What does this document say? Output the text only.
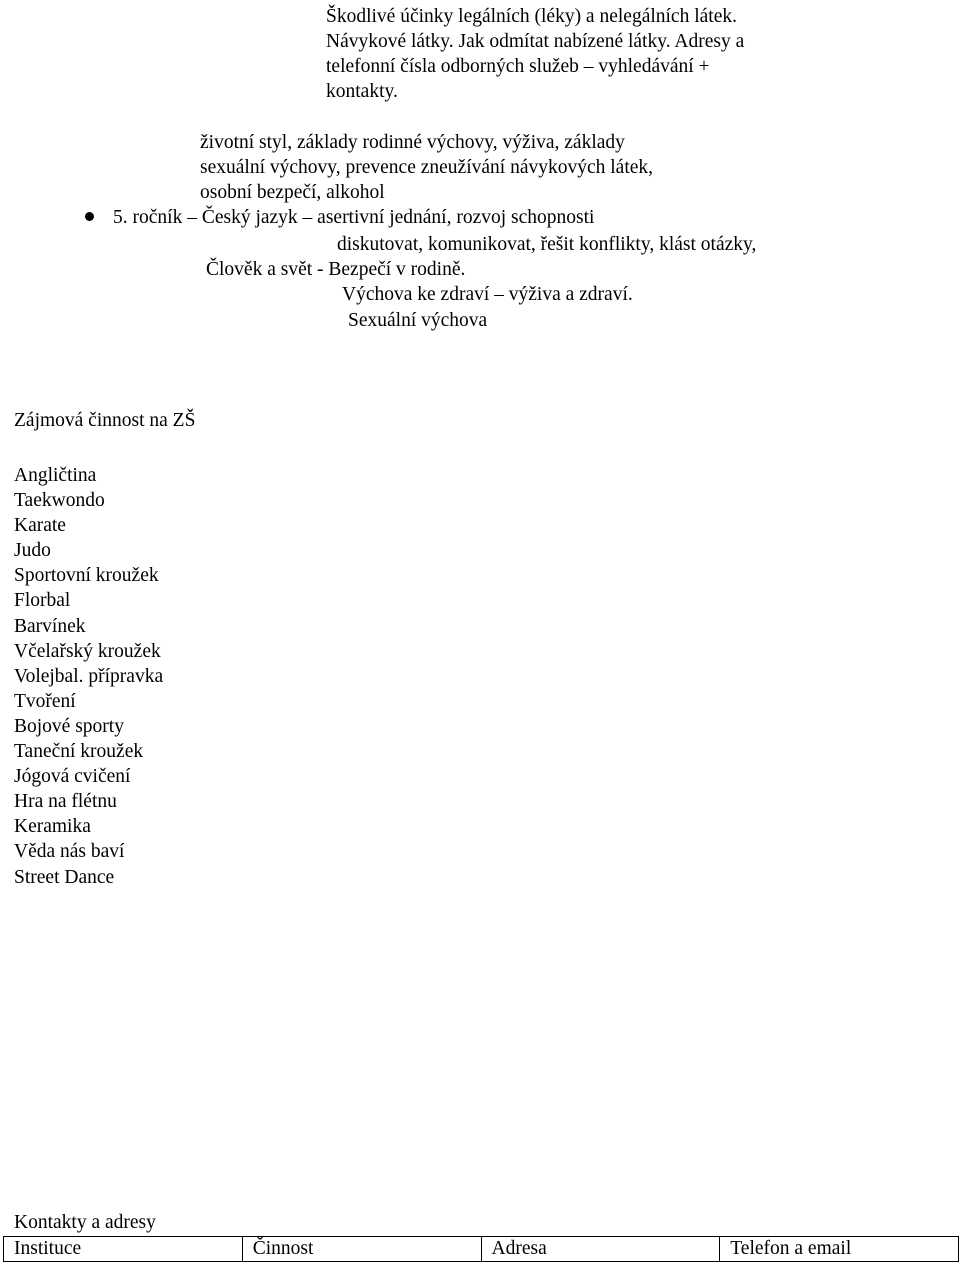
Škodlivé účinky legálních (léky) a nelegálních látek.
Návykové látky. Jak odmítat nabízené látky. Adresy a
telefonní čísla odborných služeb – vyhledávání +
kontakty.
životní styl, základy rodinné výchovy, výživa, základy
sexuální výchovy, prevence zneužívání návykových látek,
osobní bezpečí, alkohol
5. ročník – Český jazyk – asertivní jednání, rozvoj schopnosti
diskutovat, komunikovat, řešit konflikty, klást otázky,
Člověk a svět - Bezpečí v rodině.
Výchova ke zdraví – výživa a zdraví.
Sexuální výchova
Zájmová činnost na ZŠ
Angličtina
Taekwondo
Karate
Judo
Sportovní kroužek
Florbal
Barvínek
Včelařský kroužek
Volejbal. přípravka
Tvoření
Bojové sporty
Taneční kroužek
Jógová cvičení
Hra na flétnu
Keramika
Věda nás baví
Street Dance
Kontakty a adresy
Instituce	Činnost	Adresa	Telefon a email
